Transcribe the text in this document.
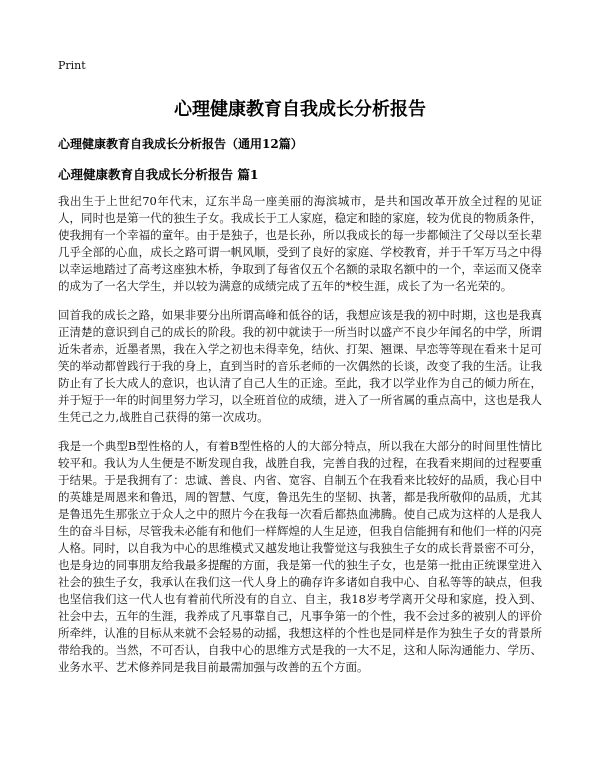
Print
心理健康教育自我成长分析报告
心理健康教育自我成长分析报告（通用12篇）
心理健康教育自我成长分析报告 篇1

我出生于上世纪70年代末，辽东半岛一座美丽的海滨城市，是共和国改革开放全过程的见证人，同时也是第一代的独生子女。我成长于工人家庭，稳定和睦的家庭，较为优良的物质条件，使我拥有一个幸福的童年。由于是独子，也是长孙，所以我成长的每一步都倾注了父母以至长辈几乎全部的心血，成长之路可谓一帆风顺，受到了良好的家庭、学校教育，并于千军万马之中得以幸运地踏过了高考这座独木桥，争取到了每省仅五个名额的录取名额中的一个，幸运而又侥幸的成为了一名大学生，并以较为满意的成绩完成了五年的*校生涯，成长了为一名光荣的。

回首我的成长之路，如果非要分出所谓高峰和低谷的话，我想应该是我的初中时期，这也是我真正清楚的意识到自己的成长的阶段。我的初中就读于一所当时以盛产不良少年闻名的中学，所谓近朱者赤，近墨者黑，我在入学之初也未得幸免，结伙、打架、翘课、早恋等等现在看来十足可笑的举动都曾践行于我的身上，直到当时的音乐老师的一次偶然的长谈，改变了我的生活。让我防止有了长大成人的意识，也认清了自己人生的正途。至此，我才以学业作为自己的倾力所在，并于短于一年的时间里努力学习，以全班首位的成绩，进入了一所省属的重点高中，这也是我人生凭己之力,战胜自己获得的第一次成功。

我是一个典型B型性格的人，有着B型性格的人的大部分特点，所以我在大部分的时间里性情比较平和。我认为人生便是不断发现自我，战胜自我，完善自我的过程，在我看来期间的过程要重于结果。于是我拥有了：忠诚、善良、内省、宽容、自制五个在我看来比较好的品质，我心目中的英雄是周恩来和鲁迅，周的智慧、气度，鲁迅先生的坚韧、执著，都是我所敬仰的品质，尤其是鲁迅先生那张立于众人之中的照片今在我每一次看后都热血沸腾。使自己成为这样的人是我人生的奋斗目标，尽管我未必能有和他们一样辉煌的人生足迹，但我自信能拥有和他们一样的闪亮人格。同时，以自我为中心的思维模式又越发地让我警觉这与我独生子女的成长背景密不可分，也是身边的同事朋友给我最多提醒的方面，我是第一代的独生子女，也是第一批由正统课堂进入社会的独生子女，我承认在我们这一代人身上的确存许多诸如自我中心、自私等等的缺点，但我也坚信我们这一代人也有着前代所没有的自立、自主，我18岁考学离开父母和家庭，投入到、社会中去，五年的生涯，我养成了凡事靠自己，凡事争第一的个性，我不会过多的被别人的评价所牵绊，认准的目标从来就不会轻易的动摇，我想这样的个性也是同样是作为独生子女的背景所带给我的。当然，不可否认，自我中心的思维方式是我的一大不足，这和人际沟通能力、学历、业务水平、艺术修养同是我目前最需加强与改善的五个方面。
